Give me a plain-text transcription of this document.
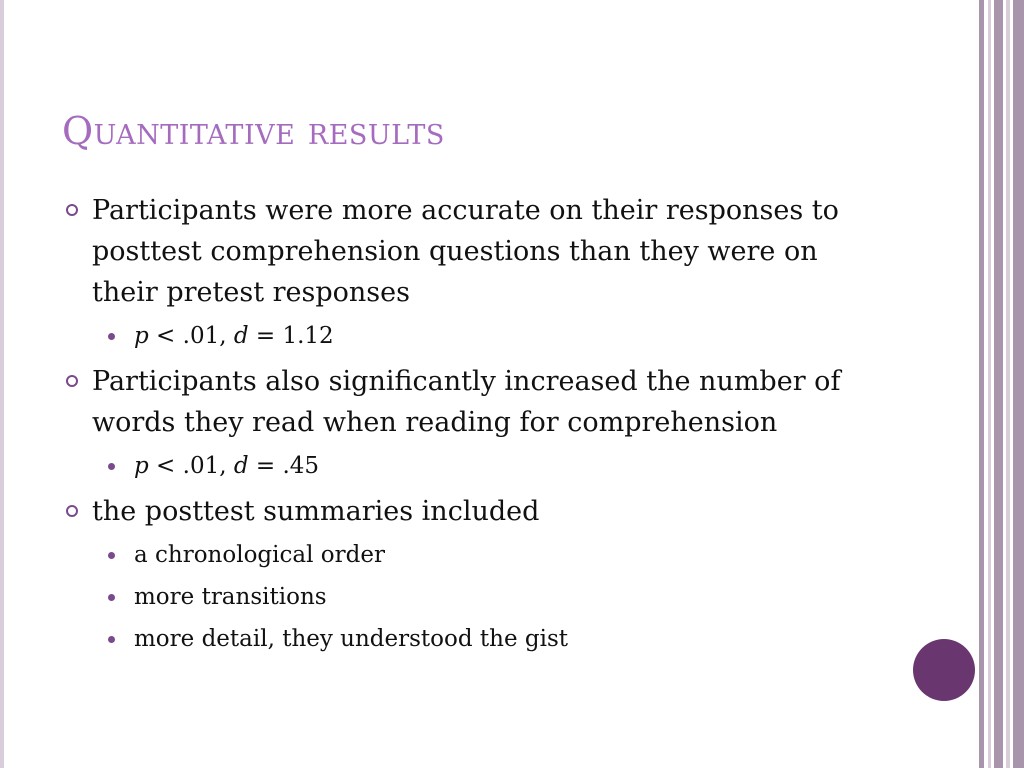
Quantitative results
Participants were more accurate on their responses to posttest comprehension questions than they were on their pretest responses
p < .01, d = 1.12
Participants also significantly increased the number of words they read when reading for comprehension
p < .01, d = .45
the posttest summaries included
a chronological order
more transitions
more detail, they understood the gist
